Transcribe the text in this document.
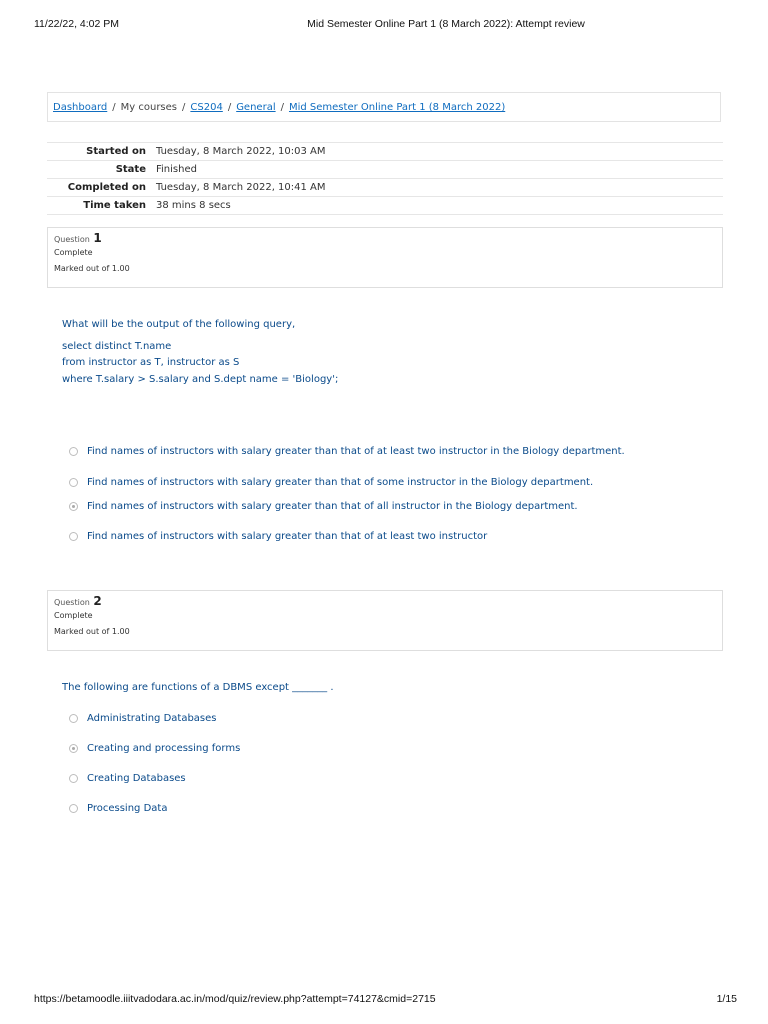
11/22/22, 4:02 PM	Mid Semester Online Part 1 (8 March 2022): Attempt review
Dashboard / My courses / CS204 / General / Mid Semester Online Part 1 (8 March 2022)
Started on	Tuesday, 8 March 2022, 10:03 AM
State	Finished
Completed on	Tuesday, 8 March 2022, 10:41 AM
Time taken	38 mins 8 secs
Question 1
Complete
Marked out of 1.00
What will be the output of the following query,
select distinct T.name
from instructor as T, instructor as S
where T.salary > S.salary and S.dept name = 'Biology';
Find names of instructors with salary greater than that of at least two instructor in the Biology department.
Find names of instructors with salary greater than that of some instructor in the Biology department.
Find names of instructors with salary greater than that of all instructor in the Biology department.
Find names of instructors with salary greater than that of at least two instructor
Question 2
Complete
Marked out of 1.00
The following are functions of a DBMS except _______ .
Administrating Databases
Creating and processing forms
Creating Databases
Processing Data
https://betamoodle.iiitvadodara.ac.in/mod/quiz/review.php?attempt=74127&cmid=2715	1/15
